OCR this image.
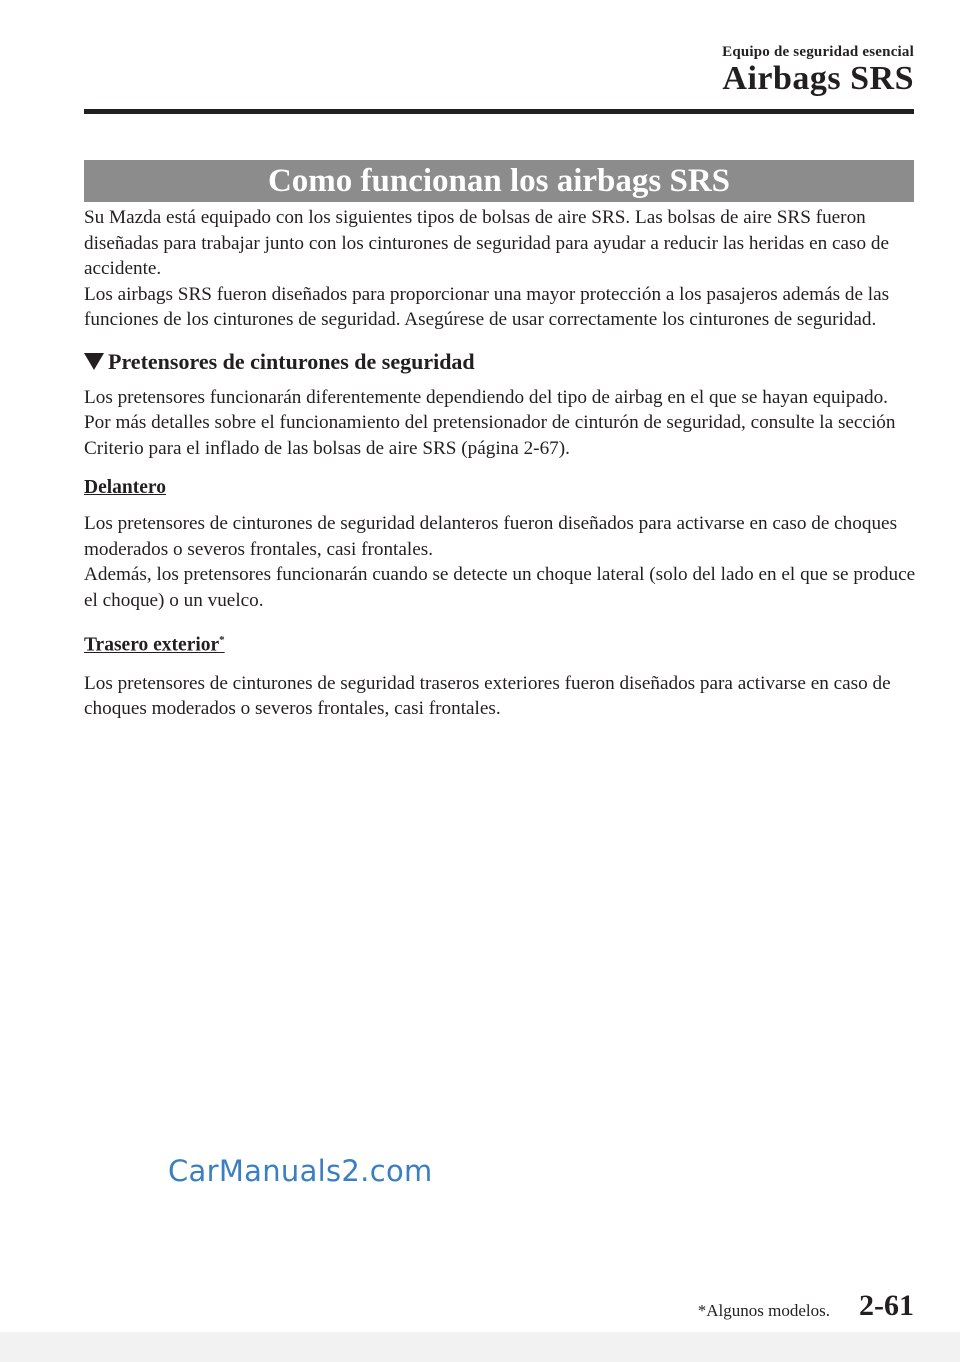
Equipo de seguridad esencial
Airbags SRS
Como funcionan los airbags SRS

Su Mazda está equipado con los siguientes tipos de bolsas de aire SRS. Las bolsas de aire SRS fueron diseñadas para trabajar junto con los cinturones de seguridad para ayudar a reducir las heridas en caso de accidente.

Los airbags SRS fueron diseñados para proporcionar una mayor protección a los pasajeros además de las funciones de los cinturones de seguridad. Asegúrese de usar correctamente los cinturones de seguridad.

Pretensores de cinturones de seguridad

Los pretensores funcionarán diferentemente dependiendo del tipo de airbag en el que se hayan equipado. Por más detalles sobre el funcionamiento del pretensionador de cinturón de seguridad, consulte la sección Criterio para el inflado de las bolsas de aire SRS (página 2-67).

Delantero

Los pretensores de cinturones de seguridad delanteros fueron diseñados para activarse en caso de choques moderados o severos frontales, casi frontales.

Además, los pretensores funcionarán cuando se detecte un choque lateral (solo del lado en el que se produce el choque) o un vuelco.

Trasero exterior*

Los pretensores de cinturones de seguridad traseros exteriores fueron diseñados para activarse en caso de choques moderados o severos frontales, casi frontales.

CarManuals2.com
*Algunos modelos. 2-61
